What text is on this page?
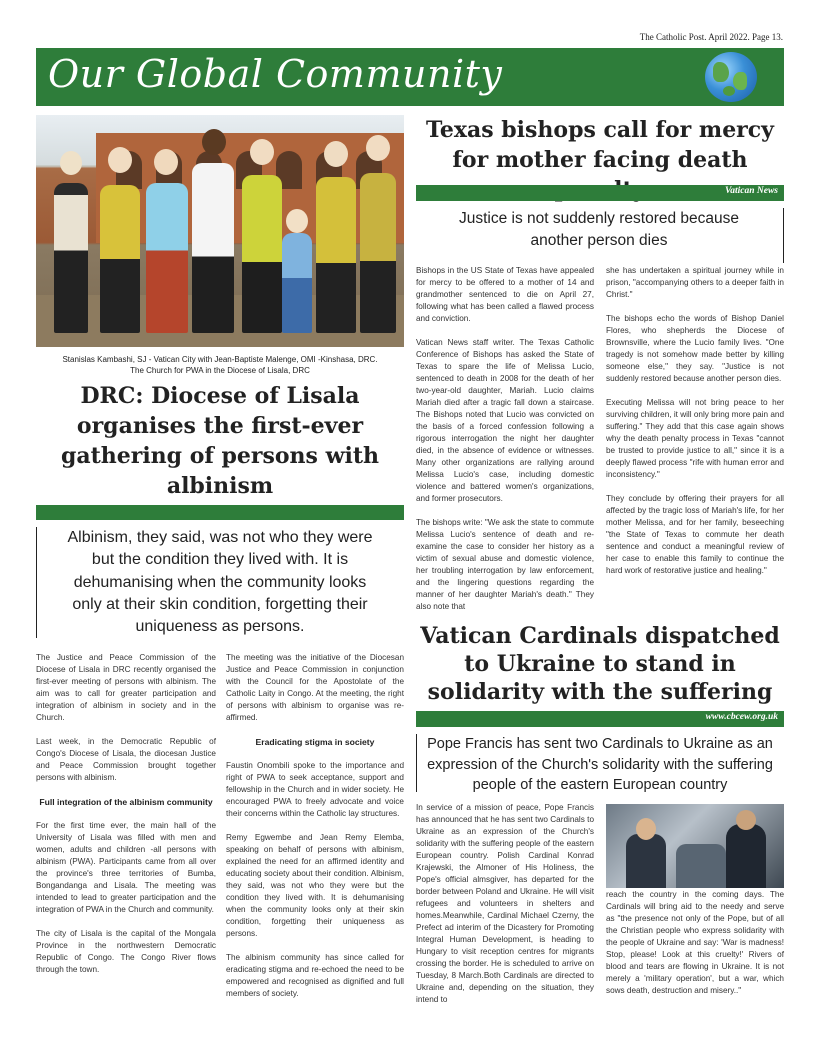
The Catholic Post. April 2022. Page 13.
Our Global Community
Stanislas Kambashi, SJ - Vatican City with Jean-Baptiste Malenge, OMI -Kinshasa, DRC.
The Church for PWA in the Diocese of Lisala, DRC
DRC: Diocese of Lisala organises the first-ever gathering of persons with albinism
Albinism, they said, was not who they were but the condition they lived with. It is dehumanising when the community looks only at their skin condition, forgetting their uniqueness as persons.

The Justice and Peace Commission of the Diocese of Lisala in DRC recently organised the first-ever meeting of persons with albinism. The aim was to call for greater participation and integration of albinism in society and in the Church.

Last week, in the Democratic Republic of Congo's Diocese of Lisala, the diocesan Justice and Peace Commission brought together persons with albinism.

Full integration of the albinism community

For the first time ever, the main hall of the University of Lisala was filled with men and women, adults and children -all persons with albinism (PWA). Participants came from all over the province's three territories of Bumba, Bongandanga and Lisala. The meeting was intended to lead to greater participation and the integration of PWA in the Church and community.

The city of Lisala is the capital of the Mongala Province in the northwestern Democratic Republic of Congo. The Congo River flows through the town.

The meeting was the initiative of the Diocesan Justice and Peace Commission in conjunction with the Council for the Apostolate of the Catholic Laity in Congo. At the meeting, the right of persons with albinism to organise was re-affirmed.

Eradicating stigma in society

Faustin Onombili spoke to the importance and right of PWA to seek acceptance, support and fellowship in the Church and in wider society. He encouraged PWA to freely advocate and voice their concerns within the Catholic lay structures.

Remy Egwembe and Jean Remy Elemba, speaking on behalf of persons with albinism, explained the need for an affirmed identity and educating society about their condition. Albinism, they said, was not who they were but the condition they lived with. It is dehumanising when the community looks only at their skin condition, forgetting their uniqueness as persons.

The albinism community has since called for eradicating stigma and re-echoed the need to be empowered and recognised as dignified and full members of society.

Texas bishops call for mercy for mother facing death
Vatican News
Justice is not suddenly restored because another person dies

Bishops in the US State of Texas have appealed for mercy to be offered to a mother of 14 and grandmother sentenced to die on April 27, following what has been called a flawed process and conviction.

Vatican News staff writer. The Texas Catholic Conference of Bishops has asked the State of Texas to spare the life of Melissa Lucio, sentenced to death in 2008 for the death of her two-year-old daughter, Mariah. Lucio claims Mariah died after a tragic fall down a staircase. The Bishops noted that Lucio was convicted on the basis of a forced confession following a rigorous interrogation the night her daughter died, in the absence of evidence or witnesses. Many other organizations are rallying around Melissa Lucio's case, including domestic violence and battered women's organizations, and former prosecutors.

The bishops write: "We ask the state to commute Melissa Lucio's sentence of death and re-examine the case to consider her history as a victim of sexual abuse and domestic violence, her troubling interrogation by law enforcement, and the lingering questions regarding the manner of her daughter Mariah's death." They also note that

she has undertaken a spiritual journey while in prison, "accompanying others to a deeper faith in Christ."

The bishops echo the words of Bishop Daniel Flores, who shepherds the Diocese of Brownsville, where the Lucio family lives. "One tragedy is not somehow made better by killing someone else," they say. "Justice is not suddenly restored because another person dies.

Executing Melissa will not bring peace to her surviving children, it will only bring more pain and suffering." They add that this case again shows why the death penalty process in Texas "cannot be trusted to provide justice to all," since it is a deeply flawed process "rife with human error and inconsistency."

They conclude by offering their prayers for all affected by the tragic loss of Mariah's life, for her mother Melissa, and for her family, beseeching "the State of Texas to commute her death sentence and conduct a meaningful review of her case to enable this family to continue the hard work of restorative justice and healing."

Vatican Cardinals dispatched to Ukraine to stand in solidarity with the suffering
www.cbcew.org.uk
Pope Francis has sent two Cardinals to Ukraine as an expression of the Church's solidarity with the suffering people of the eastern European country

In service of a mission of peace, Pope Francis has announced that he has sent two Cardinals to Ukraine as an expression of the Church's solidarity with the suffering people of the eastern European country. Polish Cardinal Konrad Krajewski, the Almoner of His Holiness, the Pope's official almsgiver, has departed for the border between Poland and Ukraine. He will visit refugees and volunteers in shelters and homes.Meanwhile, Cardinal Michael Czerny, the Prefect ad interim of the Dicastery for Promoting Integral Human Development, is heading to Hungary to visit reception centres for migrants crossing the border. He is scheduled to arrive on Tuesday, 8 March.Both Cardinals are directed to Ukraine and, depending on the situation, they intend to

reach the country in the coming days. The Cardinals will bring aid to the needy and serve as "the presence not only of the Pope, but of all the Christian people who express solidarity with the people of Ukraine and say: 'War is madness! Stop, please! Look at this cruelty!' Rivers of blood and tears are flowing in Ukraine. It is not merely a 'military operation', but a war, which sows death, destruction and misery.."
